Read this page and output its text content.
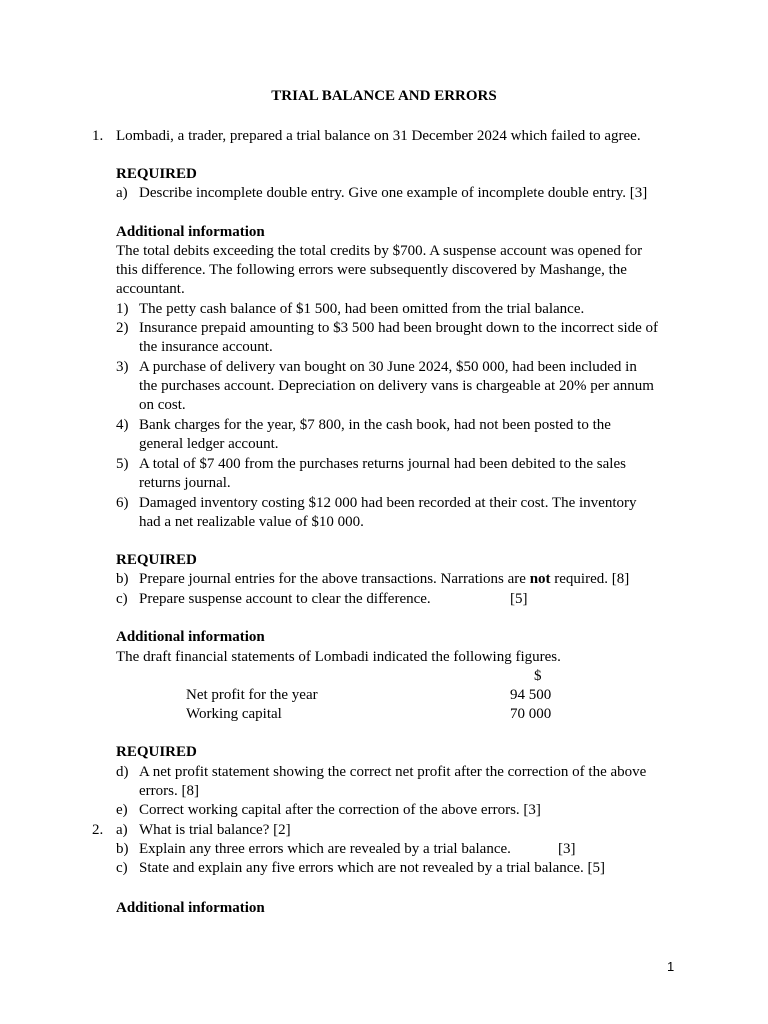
TRIAL BALANCE AND ERRORS
1. Lombadi, a trader, prepared a trial balance on 31 December 2024 which failed to agree.
REQUIRED
a) Describe incomplete double entry. Give one example of incomplete double entry. [3]
Additional information
The total debits exceeding the total credits by $700. A suspense account was opened for
this difference. The following errors were subsequently discovered by Mashange, the
accountant.
1) The petty cash balance of $1 500, had been omitted from the trial balance.
2) Insurance prepaid amounting to $3 500 had been brought down to the incorrect side of
the insurance account.
3) A purchase of delivery van bought on 30 June 2024, $50 000, had been included in
the purchases account. Depreciation on delivery vans is chargeable at 20% per annum
on cost.
4) Bank charges for the year, $7 800, in the cash book, had not been posted to the
general ledger account.
5) A total of $7 400 from the purchases returns journal had been debited to the sales
returns journal.
6) Damaged inventory costing $12 000 had been recorded at their cost. The inventory
had a net realizable value of $10 000.
REQUIRED
b) Prepare journal entries for the above transactions. Narrations are not required. [8]
c) Prepare suspense account to clear the difference.	[5]
Additional information
The draft financial statements of Lombadi indicated the following figures.
$
Net profit for the year	94 500
Working capital	70 000
REQUIRED
d) A net profit statement showing the correct net profit after the correction of the above
errors. [8]
e) Correct working capital after the correction of the above errors. [3]
2. a) What is trial balance? [2]
b) Explain any three errors which are revealed by a trial balance.	[3]
c) State and explain any five errors which are not revealed by a trial balance. [5]
Additional information
1
